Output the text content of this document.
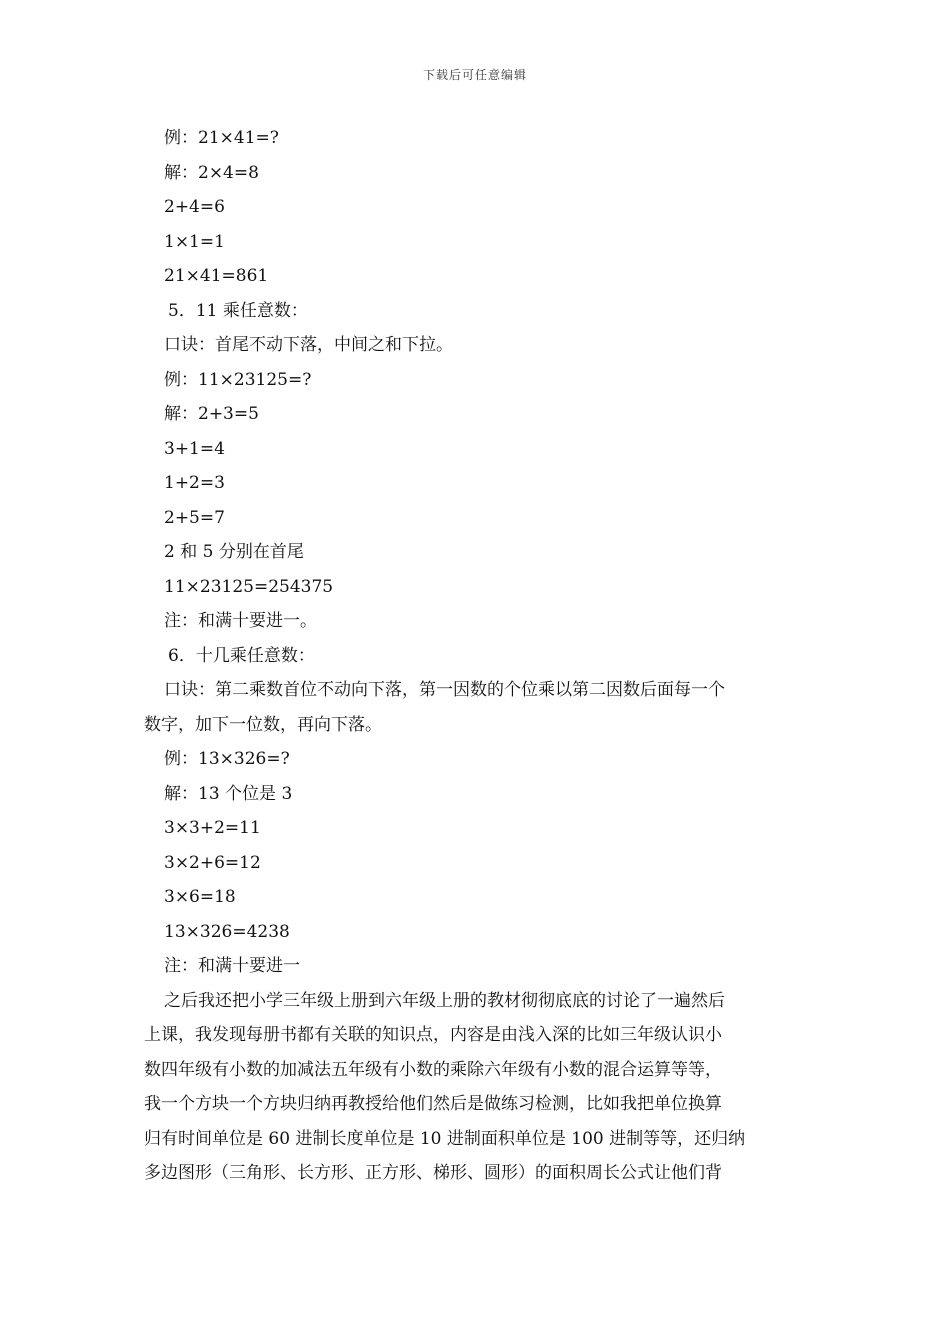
下载后可任意编辑
例：21×41=?
解：2×4=8
2+4=6
1×1=1
21×41=861
5．11 乘任意数：
口诀：首尾不动下落，中间之和下拉。
例：11×23125=?
解：2+3=5
3+1=4
1+2=3
2+5=7
2 和 5 分别在首尾
11×23125=254375
注：和满十要进一。
6．十几乘任意数：
口诀：第二乘数首位不动向下落，第一因数的个位乘以第二因数后面每一个
数字，加下一位数，再向下落。
例：13×326=?
解：13 个位是 3
3×3+2=11
3×2+6=12
3×6=18
13×326=4238
注：和满十要进一
之后我还把小学三年级上册到六年级上册的教材彻彻底底的讨论了一遍然后
上课，我发现每册书都有关联的知识点，内容是由浅入深的比如三年级认识小
数四年级有小数的加减法五年级有小数的乘除六年级有小数的混合运算等等，
我一个方块一个方块归纳再教授给他们然后是做练习检测，比如我把单位换算
归有时间单位是 60 进制长度单位是 10 进制面积单位是 100 进制等等，还归纳
多边图形（三角形、长方形、正方形、梯形、圆形）的面积周长公式让他们背
